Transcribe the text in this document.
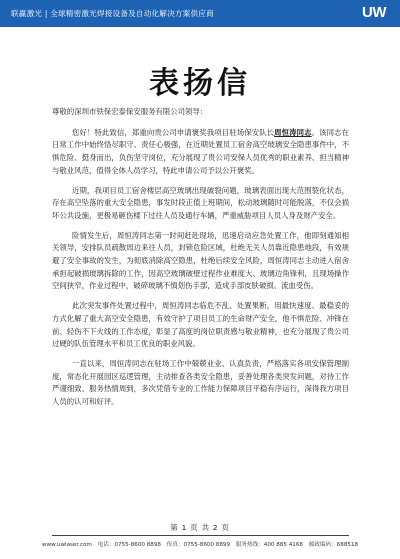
联赢激光 | 全球精密激光焊接设备及自动化解决方案供应商	UW
表扬信

尊敬的深圳市铁保宏泰保安服务有限公司领导：

您好！特此致信，郑重向贵公司申请褒奖我项目驻场保安队长周恒涛同志。该同志在日常工作中始终恪尽职守、责任心极强，在近期处置员工宿舍高空玻璃安全隐患事件中，不惧危险、挺身而出，负伤坚守岗位，充分展现了贵公司安保人员优秀的职业素养、担当精神与敬业风范，值得全体人员学习，特此申请公司予以公开褒奖。

近期，我项目员工宿舍楼层高空玻璃出现破裂问题，玻璃表面出现大范围裂化状态，存在高空坠落的重大安全隐患，事发时段正值上班期间，松动玻璃随时可能脱落，不仅会损坏公共设施，更极易砸伤楼下过往人员及通行车辆，严重威胁项目人员人身及财产安全。

险情发生后，周恒涛同志第一时间赶赴现场，迅速启动应急处置工作，他即刻通知相关领导，安排队员疏散周边来往人员，封锁危险区域，杜绝无关人员靠近隐患地段，有效规避了安全事故的发生，为彻底消除高空隐患，杜绝后续安全风险，周恒涛同志主动进入宿舍承担起破损玻璃拆除的工作，因高空玻璃破壁过程作业难度大、玻璃边角锋利，且现场操作空间狭窄，作业过程中，破碎玻璃不慎划伤手部，造成手部皮肤破损、流血受伤。

此次突发事件处置过程中，周恒涛同志临危不乱、处置果断，用最快速度、最稳妥的方式化解了重大高空安全隐患，有效守护了项目员工的生命财产安全，他不惧危险、冲锋在前、轻伤不下火线的工作态度，彰显了高度的岗位职责感与敬业精神，也充分展现了贵公司过硬的队伍管理水平和员工优良的职业风貌。

一直以来，周恒涛同志在驻场工作中兢兢业业、认真负责，严格落实各项安保管理制度，常态化开展园区巡逻管理，主动排查各类安全隐患，妥善处理各类突发问题，对待工作严谨细致、服务热情周到，多次凭借专业的工作能力保障项目平稳有序运行，深得我方项目人员的认可和好评。

第 1 页 共 2 页
www.uwlaser.com 电话：0755-8600 8898 传真：0755-8600 8899 服务热线：400 885 4168 邮政编码：688518
